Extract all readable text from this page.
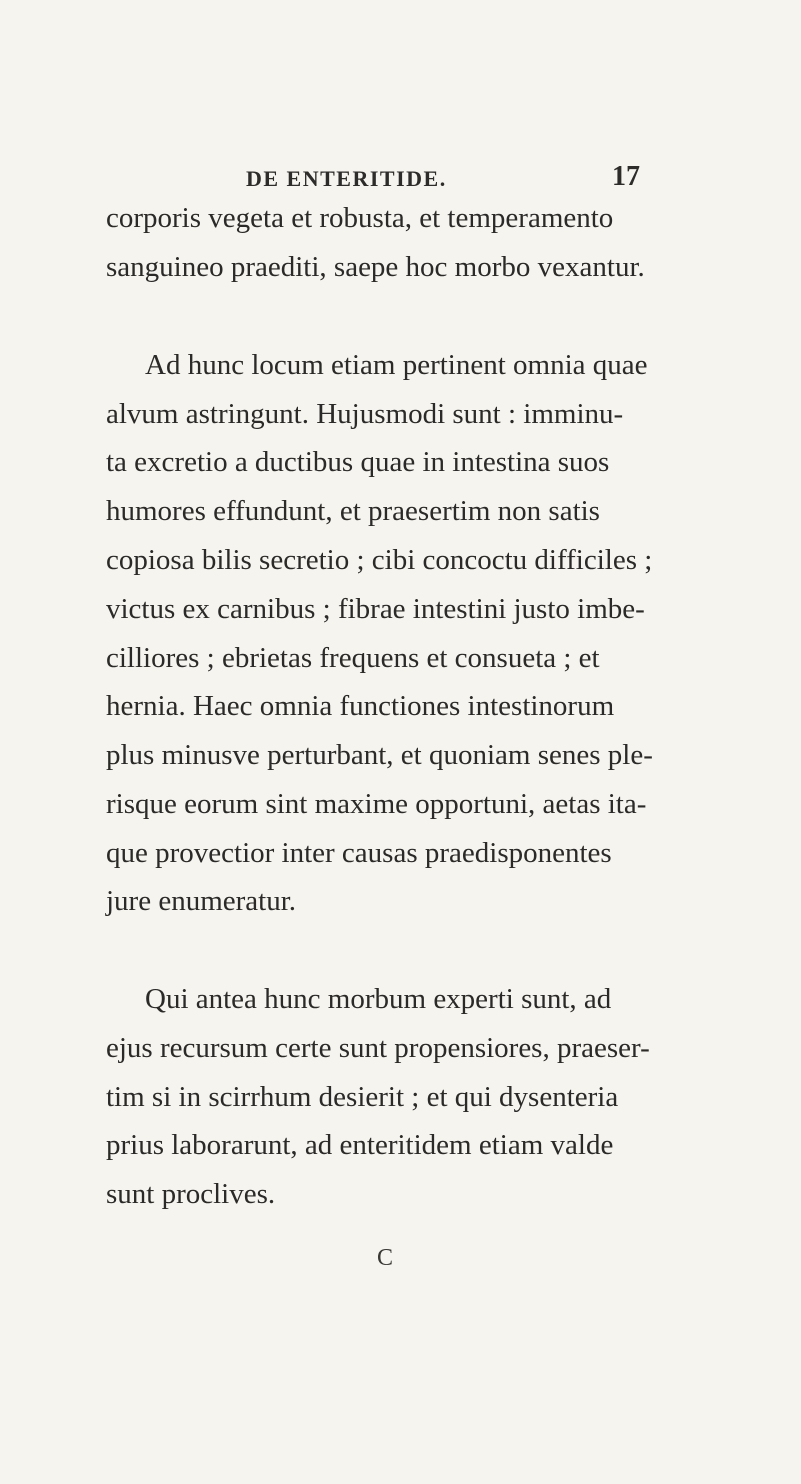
DE ENTERITIDE.	17
corporis vegeta et robusta, et temperamento
sanguineo praediti, saepe hoc morbo vexantur.
Ad hunc locum etiam pertinent omnia quae
alvum astringunt. Hujusmodi sunt : imminu-
ta excretio a ductibus quae in intestina suos
humores effundunt, et praesertim non satis
copiosa bilis secretio ; cibi concoctu difficiles ;
victus ex carnibus ; fibrae intestini justo imbe-
cilliores ; ebrietas frequens et consueta ; et
hernia. Haec omnia functiones intestinorum
plus minusve perturbant, et quoniam senes ple-
risque eorum sint maxime opportuni, aetas ita-
que provectior inter causas praedisponentes
jure enumeratur.
Qui antea hunc morbum experti sunt, ad
ejus recursum certe sunt propensiores, praeser-
tim si in scirrhum desierit ; et qui dysenteria
prius laborarunt, ad enteritidem etiam valde
sunt proclives.
C
